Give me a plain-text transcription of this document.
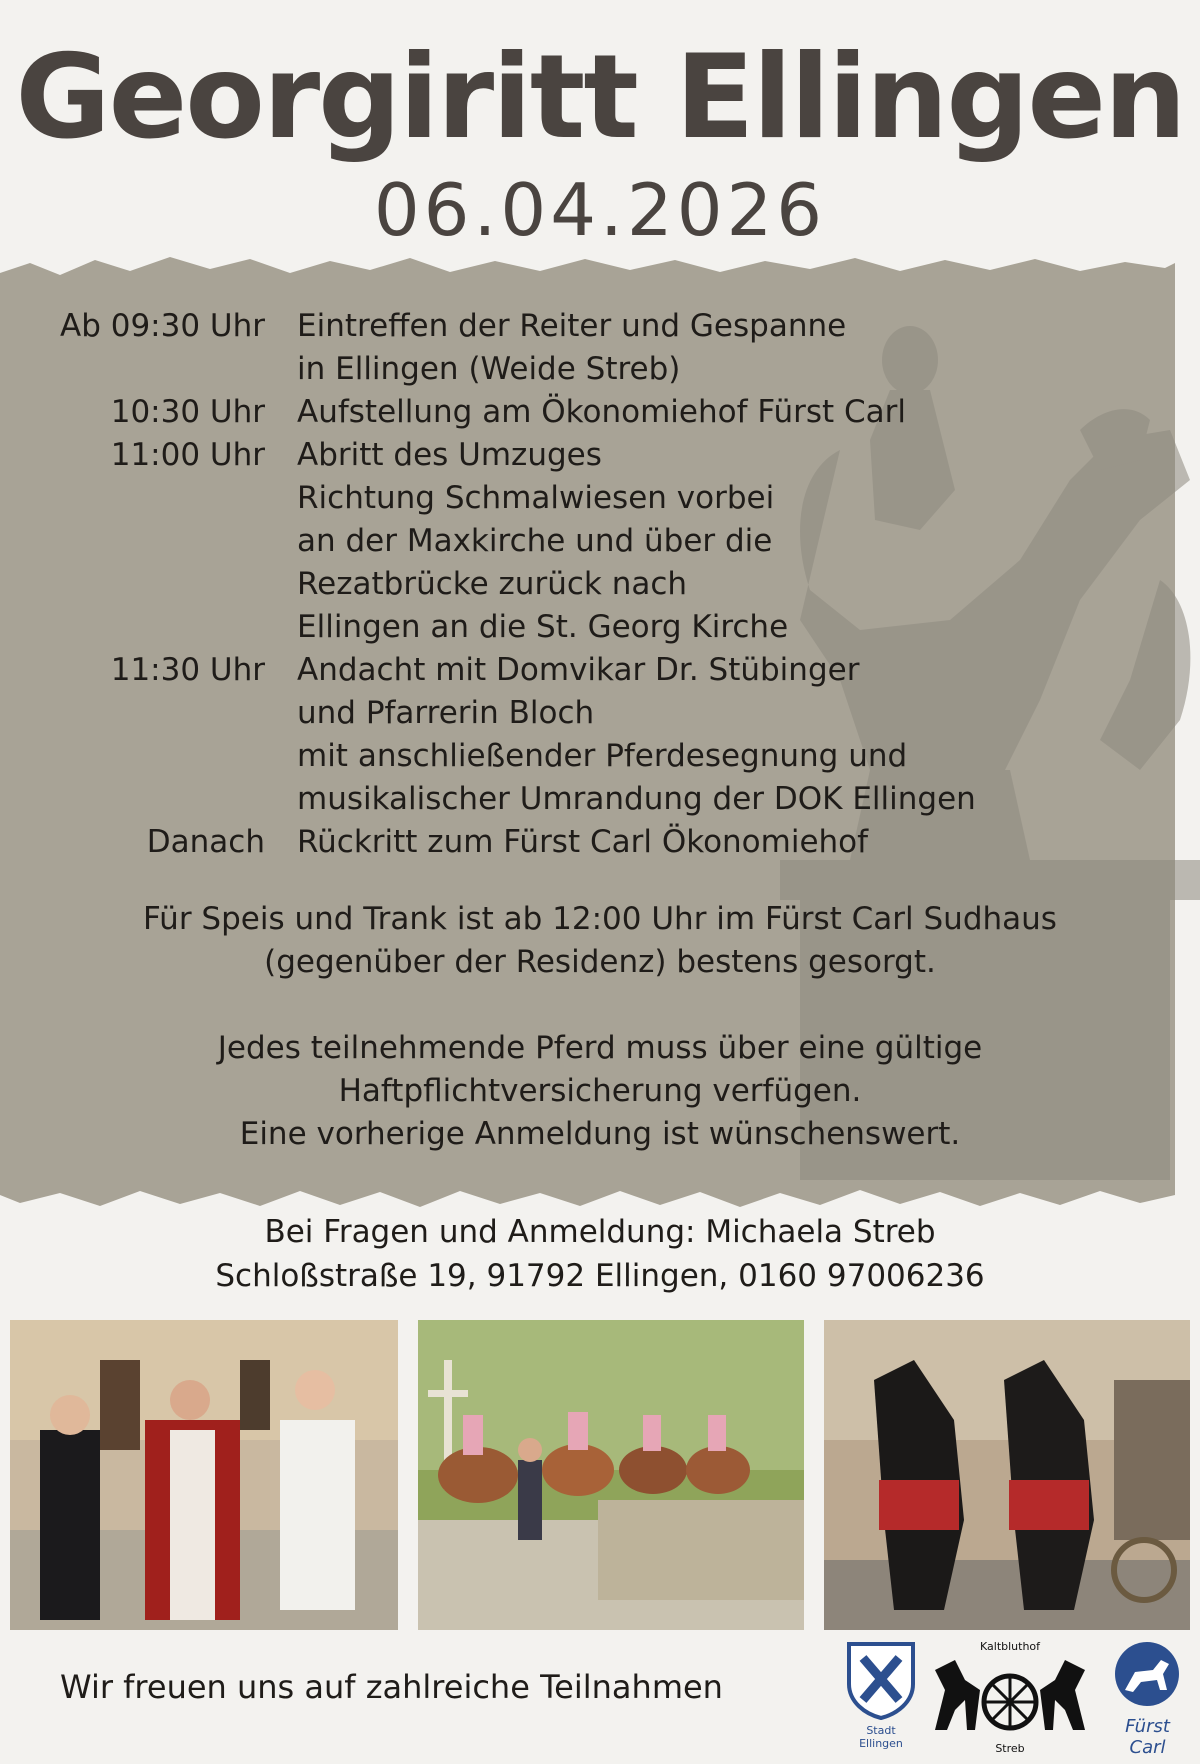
Georgiritt Ellingen
06.04.2026
Ab 09:30 Uhr Eintreffen der Reiter und Gespanne
in Ellingen (Weide Streb)
10:30 Uhr Aufstellung am Ökonomiehof Fürst Carl
11:00 Uhr Abritt des Umzuges
Richtung Schmalwiesen vorbei
an der Maxkirche und über die
Rezatbrücke zurück nach
Ellingen an die St. Georg Kirche
11:30 Uhr Andacht mit Domvikar Dr. Stübinger
und Pfarrerin Bloch
mit anschließender Pferdesegnung und
musikalischer Umrandung der DOK Ellingen
Danach Rückritt zum Fürst Carl Ökonomiehof
Für Speis und Trank ist ab 12:00 Uhr im Fürst Carl Sudhaus
(gegenüber der Residenz) bestens gesorgt.
Jedes teilnehmende Pferd muss über eine gültige
Haftpflichtversicherung verfügen.
Eine vorherige Anmeldung ist wünschenswert.
Bei Fragen und Anmeldung: Michaela Streb
Schloßstraße 19, 91792 Ellingen, 0160 97006236
Wir freuen uns auf zahlreiche Teilnahmen
Stadt Ellingen
Kaltbluthof
Streb
Fürst Carl
